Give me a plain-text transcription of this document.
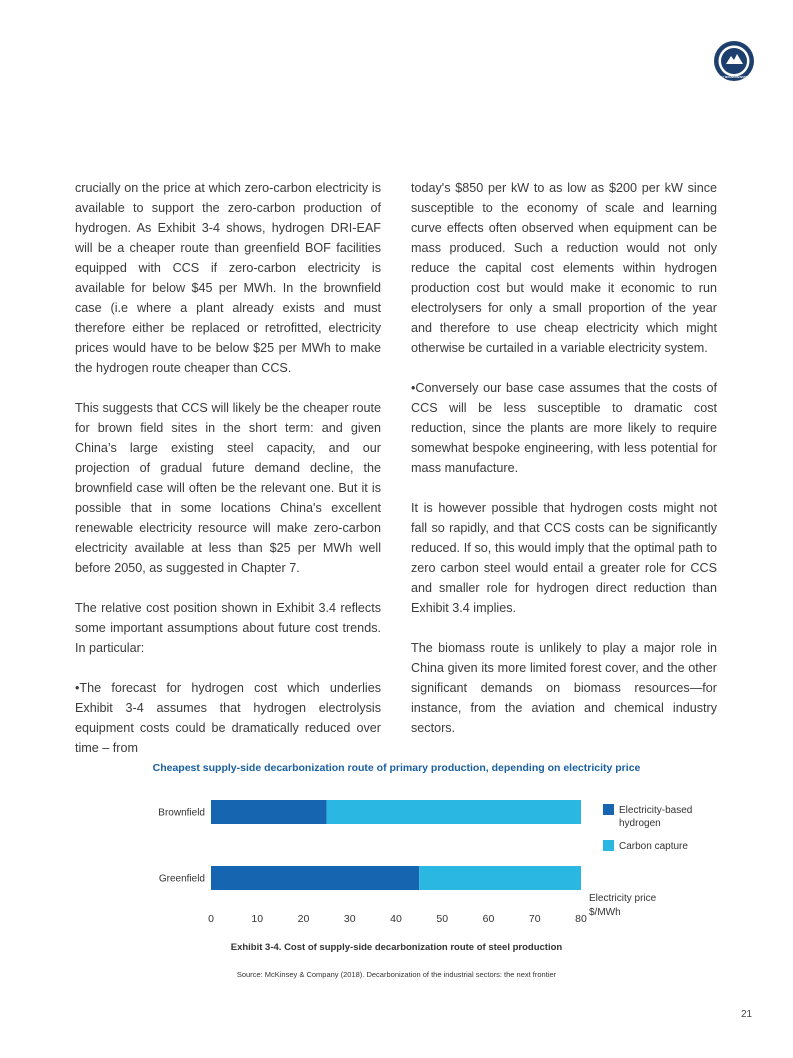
ROCKY MOUNTAIN INSTITUTE

crucially on the price at which zero-carbon electricity is available to support the zero-carbon production of hydrogen. As Exhibit 3-4 shows, hydrogen DRI-EAF will be a cheaper route than greenfield BOF facilities equipped with CCS if zero-carbon electricity is available for below $45 per MWh. In the brownfield case (i.e where a plant already exists and must therefore either be replaced or retrofitted, electricity prices would have to be below $25 per MWh to make the hydrogen route cheaper than CCS.

This suggests that CCS will likely be the cheaper route for brown field sites in the short term: and given China’s large existing steel capacity, and our projection of gradual future demand decline, the brownfield case will often be the relevant one. But it is possible that in some locations China's excellent renewable electricity resource will make zero-carbon electricity available at less than $25 per MWh well before 2050, as suggested in Chapter 7.

The relative cost position shown in Exhibit 3.4 reflects some important assumptions about future cost trends. In particular:

•The forecast for hydrogen cost which underlies Exhibit 3-4 assumes that hydrogen electrolysis equipment costs could be dramatically reduced over time – from

today's $850 per kW to as low as $200 per kW since susceptible to the economy of scale and learning curve effects often observed when equipment can be mass produced. Such a reduction would not only reduce the capital cost elements within hydrogen production cost but would make it economic to run electrolysers for only a small proportion of the year and therefore to use cheap electricity which might otherwise be curtailed in a variable electricity system.

•Conversely our base case assumes that the costs of CCS will be less susceptible to dramatic cost reduction, since the plants are more likely to require somewhat bespoke engineering, with less potential for mass manufacture.

It is however possible that hydrogen costs might not fall so rapidly, and that CCS costs can be significantly reduced. If so, this would imply that the optimal path to zero carbon steel would entail a greater role for CCS and smaller role for hydrogen direct reduction than Exhibit 3.4 implies.

The biomass route is unlikely to play a major role in China given its more limited forest cover, and the other significant demands on biomass resources—for instance, from the aviation and chemical industry sectors.

Cheapest supply-side decarbonization route of primary production, depending on electricity price
Brownfield
Greenfield
0	10	20	30	40	50	60	70	80
Electricity price
$/MWh
Electricity-based
hydrogen
Carbon capture
Exhibit 3-4. Cost of supply-side decarbonization route of steel production
Source: McKinsey & Company (2018). Decarbonization of the industrial sectors: the next frontier
21
